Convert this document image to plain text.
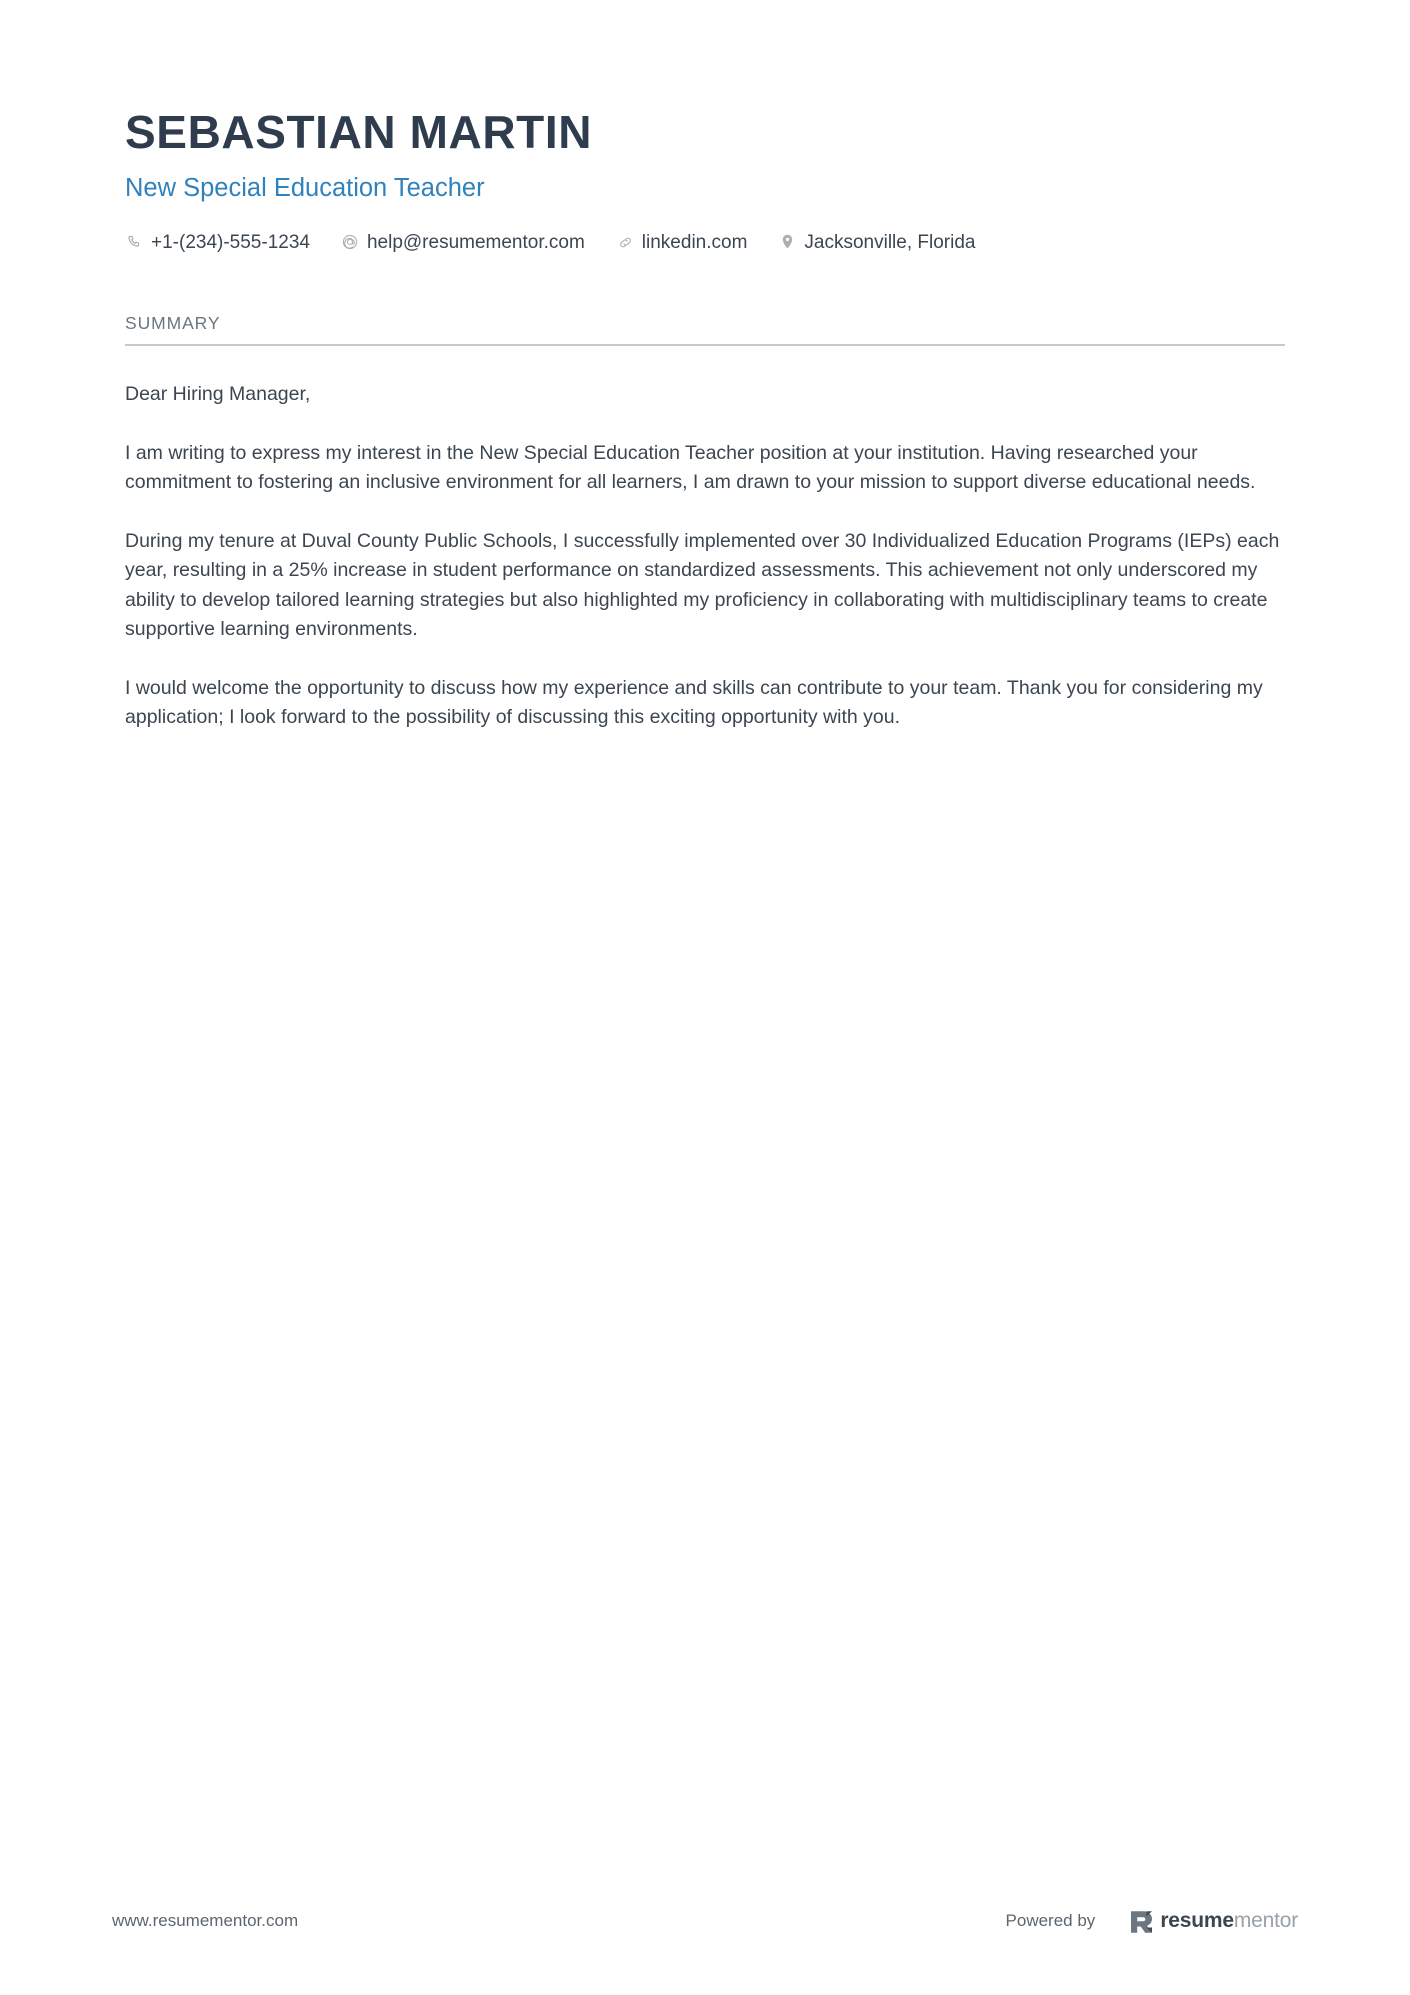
SEBASTIAN MARTIN
New Special Education Teacher
+1-(234)-555-1234	help@resumementor.com	linkedin.com	Jacksonville, Florida
SUMMARY

Dear Hiring Manager,

I am writing to express my interest in the New Special Education Teacher position at your institution. Having researched your commitment to fostering an inclusive environment for all learners, I am drawn to your mission to support diverse educational needs.

During my tenure at Duval County Public Schools, I successfully implemented over 30 Individualized Education Programs (IEPs) each year, resulting in a 25% increase in student performance on standardized assessments. This achievement not only underscored my ability to develop tailored learning strategies but also highlighted my proficiency in collaborating with multidisciplinary teams to create supportive learning environments.

I would welcome the opportunity to discuss how my experience and skills can contribute to your team. Thank you for considering my application; I look forward to the possibility of discussing this exciting opportunity with you.

www.resumementor.com	Powered by	resumementor
